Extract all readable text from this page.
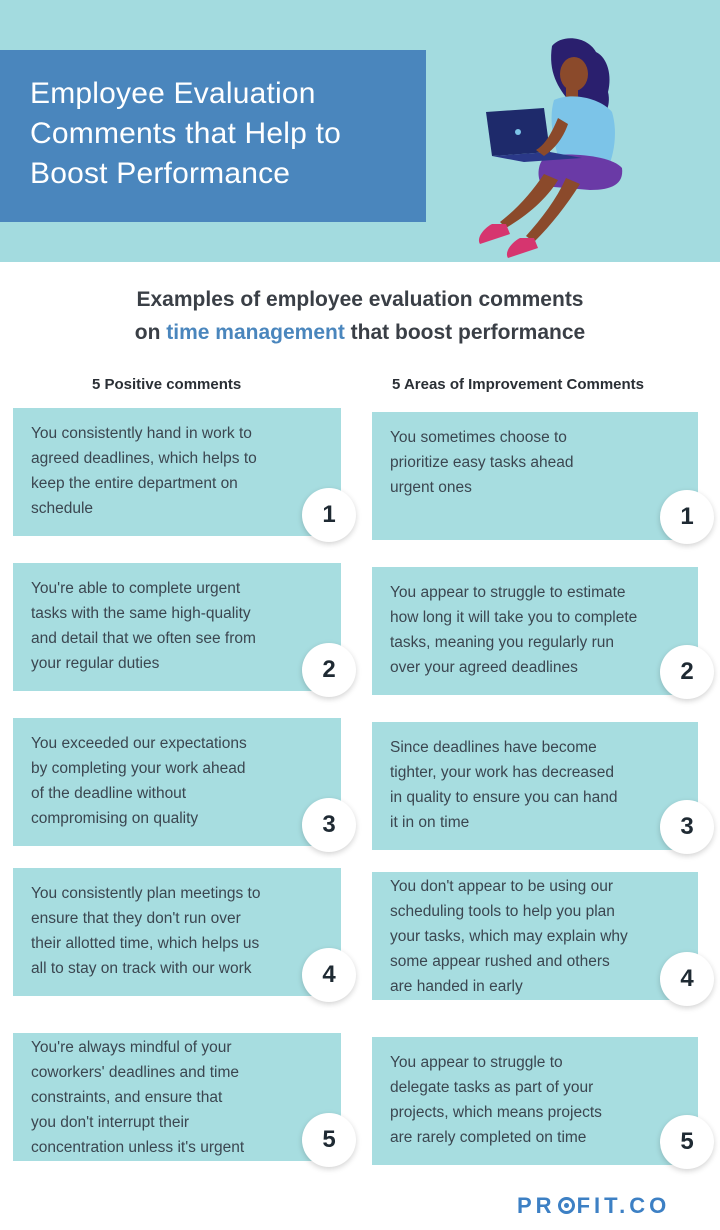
Employee Evaluation
Comments that Help to
Boost Performance
Examples of employee evaluation comments
on time management that boost performance
5 Positive comments	5 Areas of Improvement Comments
You consistently hand in work to
agreed deadlines, which helps to
keep the entire department on
schedule	1
You're able to complete urgent
tasks with the same high-quality
and detail that we often see from
your regular duties	2
You exceeded our expectations
by completing your work ahead
of the deadline without
compromising on quality	3
You consistently plan meetings to
ensure that they don't run over
their allotted time, which helps us
all to stay on track with our work	4
You're always mindful of your
coworkers' deadlines and time
constraints, and ensure that
you don't interrupt their
concentration unless it's urgent	5
You sometimes choose to
prioritize easy tasks ahead
urgent ones
1
You appear to struggle to estimate
how long it will take you to complete
tasks, meaning you regularly run
over your agreed deadlines	2
Since deadlines have become
tighter, your work has decreased
in quality to ensure you can hand
it in on time	3
You don't appear to be using our
scheduling tools to help you plan
your tasks, which may explain why
some appear rushed and others
are handed in early	4
You appear to struggle to
delegate tasks as part of your
projects, which means projects
are rarely completed on time	5
PR FIT.CO
